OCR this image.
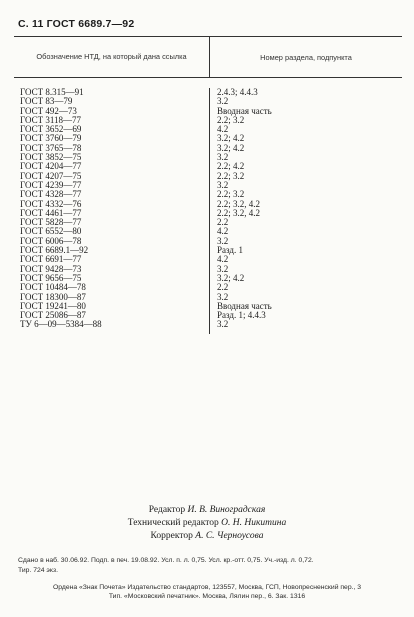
С. 11 ГОСТ 6689.7—92
Обозначение НТД, на который дана ссылка	Номер раздела, подпункта
ГОСТ 8.315—91
ГОСТ 83—79
ГОСТ 492—73
ГОСТ 3118—77
ГОСТ 3652—69
ГОСТ 3760—79
ГОСТ 3765—78
ГОСТ 3852—75
ГОСТ 4204—77
ГОСТ 4207—75
ГОСТ 4239—77
ГОСТ 4328—77
ГОСТ 4332—76
ГОСТ 4461—77
ГОСТ 5828—77
ГОСТ 6552—80
ГОСТ 6006—78
ГОСТ 6689.1—92
ГОСТ 6691—77
ГОСТ 9428—73
ГОСТ 9656—75
ГОСТ 10484—78
ГОСТ 18300—87
ГОСТ 19241—80
ГОСТ 25086—87
ТУ 6—09—5384—88
2.4.3; 4.4.3
3.2
Вводная часть
2.2; 3.2
4.2
3.2; 4.2
3.2; 4.2
3.2
2.2; 4.2
2.2; 3.2
3.2
2.2; 3.2
2.2; 3.2, 4.2
2.2; 3.2, 4.2
2.2
4.2
3.2
Разд. 1
4.2
3.2
3.2; 4.2
2.2
3.2
Вводная часть
Разд. 1; 4.4.3
3.2
Редактор И. В. Виноградская
Технический редактор О. Н. Никитина
Корректор А. С. Черноусова
Сдано в наб. 30.06.92. Подп. в печ. 19.08.92. Усл. п. л. 0,75. Усл. кр.-отт. 0,75. Уч.-изд. л. 0,72.
Тир. 724 экз.
Ордена «Знак Почета» Издательство стандартов, 123557, Москва, ГСП, Новопресненский пер., 3
Тип. «Московский печатник». Москва, Лялин пер., 6. Зак. 1316
